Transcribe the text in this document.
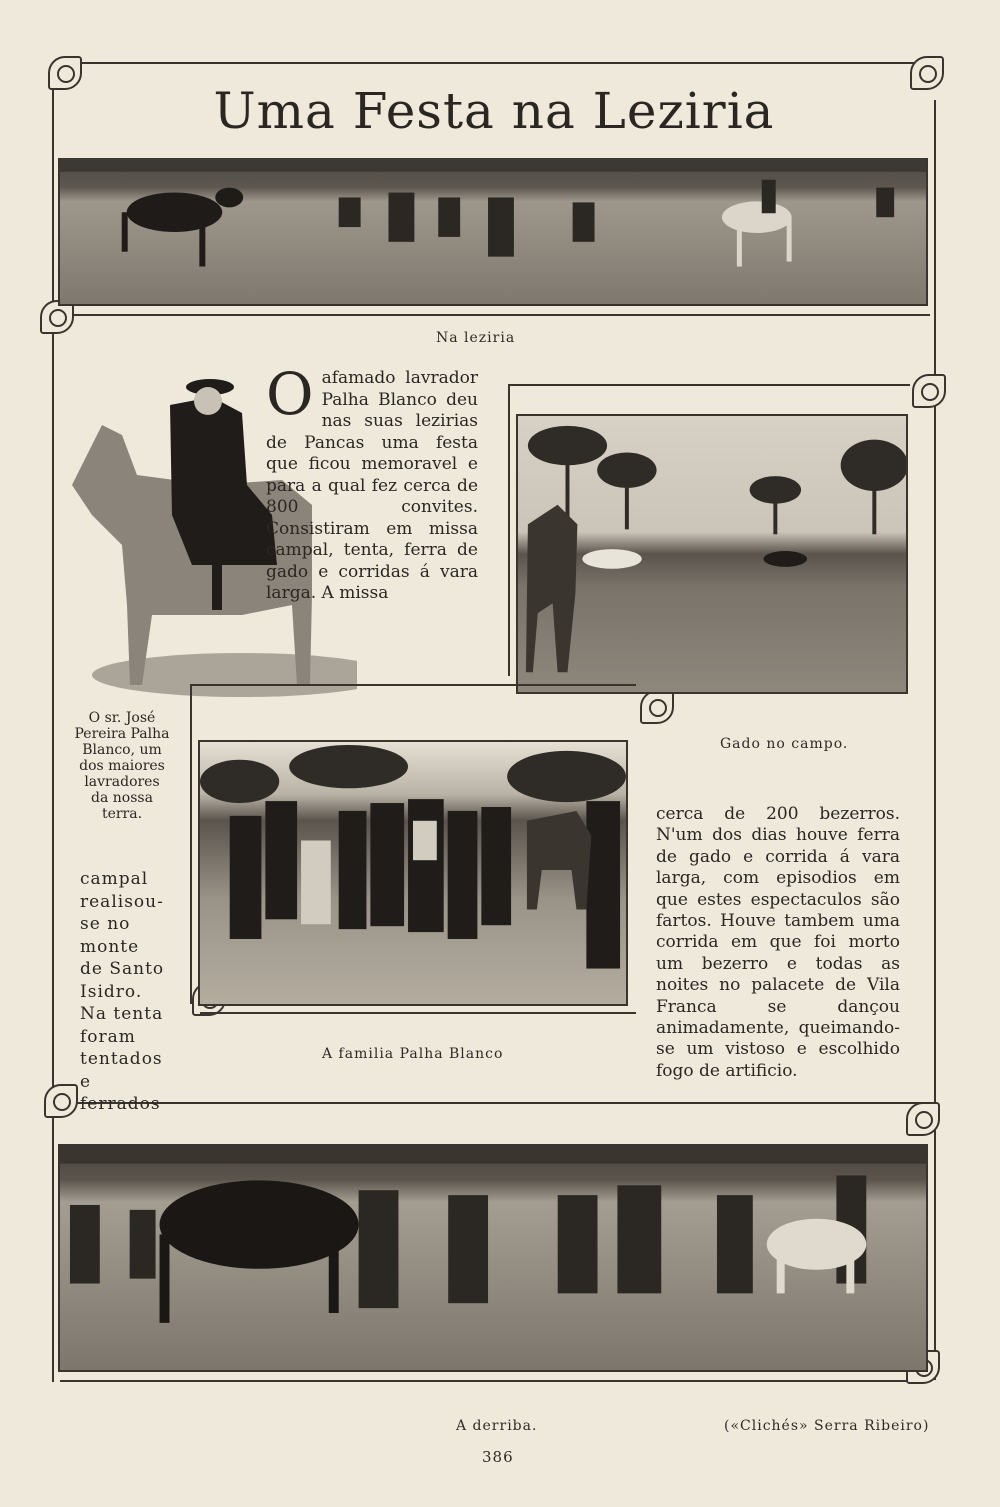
Uma Festa na Leziria

Na leziria

O afamado lavrador Palha Blanco deu nas suas lezirias de Pancas uma festa que ficou memoravel e para a qual fez cerca de 800 convites. Consistiram em missa campal, tenta, ferra de gado e corridas á vara larga. A missa

Gado no campo.

O sr. José Pereira Palha Blanco, um dos maiores lavradores da nossa terra.

A familia Palha Blanco

campal realisou-se no monte de Santo Isidro. Na tenta foram tentados e ferrados

cerca de 200 bezerros. N'um dos dias houve ferra de gado e corrida á vara larga, com episodios em que estes espectaculos são fartos. Houve tambem uma corrida em que foi morto um bezerro e todas as noites no palacete de Vila Franca se dançou animadamente, queimando-se um vistoso e escolhido fogo de artificio.

A derriba.	(«Clichés» Serra Ribeiro)

386
